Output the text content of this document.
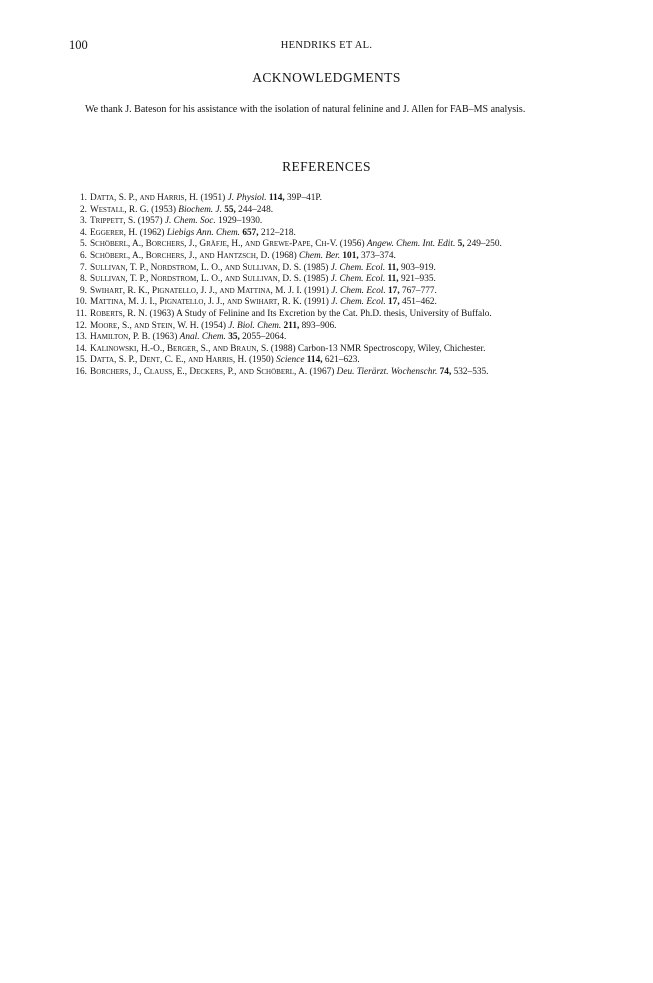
100	HENDRIKS ET AL.
ACKNOWLEDGMENTS
We thank J. Bateson for his assistance with the isolation of natural felinine and J. Allen for FAB–MS analysis.
REFERENCES
1. Datta, S. P., and Harris, H. (1951) J. Physiol. 114, 39P–41P.
2. Westall, R. G. (1953) Biochem. J. 55, 244–248.
3. Trippett, S. (1957) J. Chem. Soc. 1929–1930.
4. Eggerer, H. (1962) Liebigs Ann. Chem. 657, 212–218.
5. Schöberl, A., Borchers, J., Gräfje, H., and Grewe-Pape, Ch-V. (1956) Angew. Chem. Int. Edit. 5, 249–250.
6. Schöberl, A., Borchers, J., and Hantzsch, D. (1968) Chem. Ber. 101, 373–374.
7. Sullivan, T. P., Nordstrom, L. O., and Sullivan, D. S. (1985) J. Chem. Ecol. 11, 903–919.
8. Sullivan, T. P., Nordstrom, L. O., and Sullivan, D. S. (1985) J. Chem. Ecol. 11, 921–935.
9. Swihart, R. K., Pignatello, J. J., and Mattina, M. J. I. (1991) J. Chem. Ecol. 17, 767–777.
10. Mattina, M. J. I., Pignatello, J. J., and Swihart, R. K. (1991) J. Chem. Ecol. 17, 451–462.
11. Roberts, R. N. (1963) A Study of Felinine and Its Excretion by the Cat. Ph.D. thesis, University of Buffalo.
12. Moore, S., and Stein, W. H. (1954) J. Biol. Chem. 211, 893–906.
13. Hamilton, P. B. (1963) Anal. Chem. 35, 2055–2064.
14. Kalinowski, H.-O., Berger, S., and Braun, S. (1988) Carbon-13 NMR Spectroscopy, Wiley, Chichester.
15. Datta, S. P., Dent, C. E., and Harris, H. (1950) Science 114, 621–623.
16. Borchers, J., Clauss, E., Deckers, P., and Schöberl, A. (1967) Deu. Tierärzt. Wochenschr. 74, 532–535.
